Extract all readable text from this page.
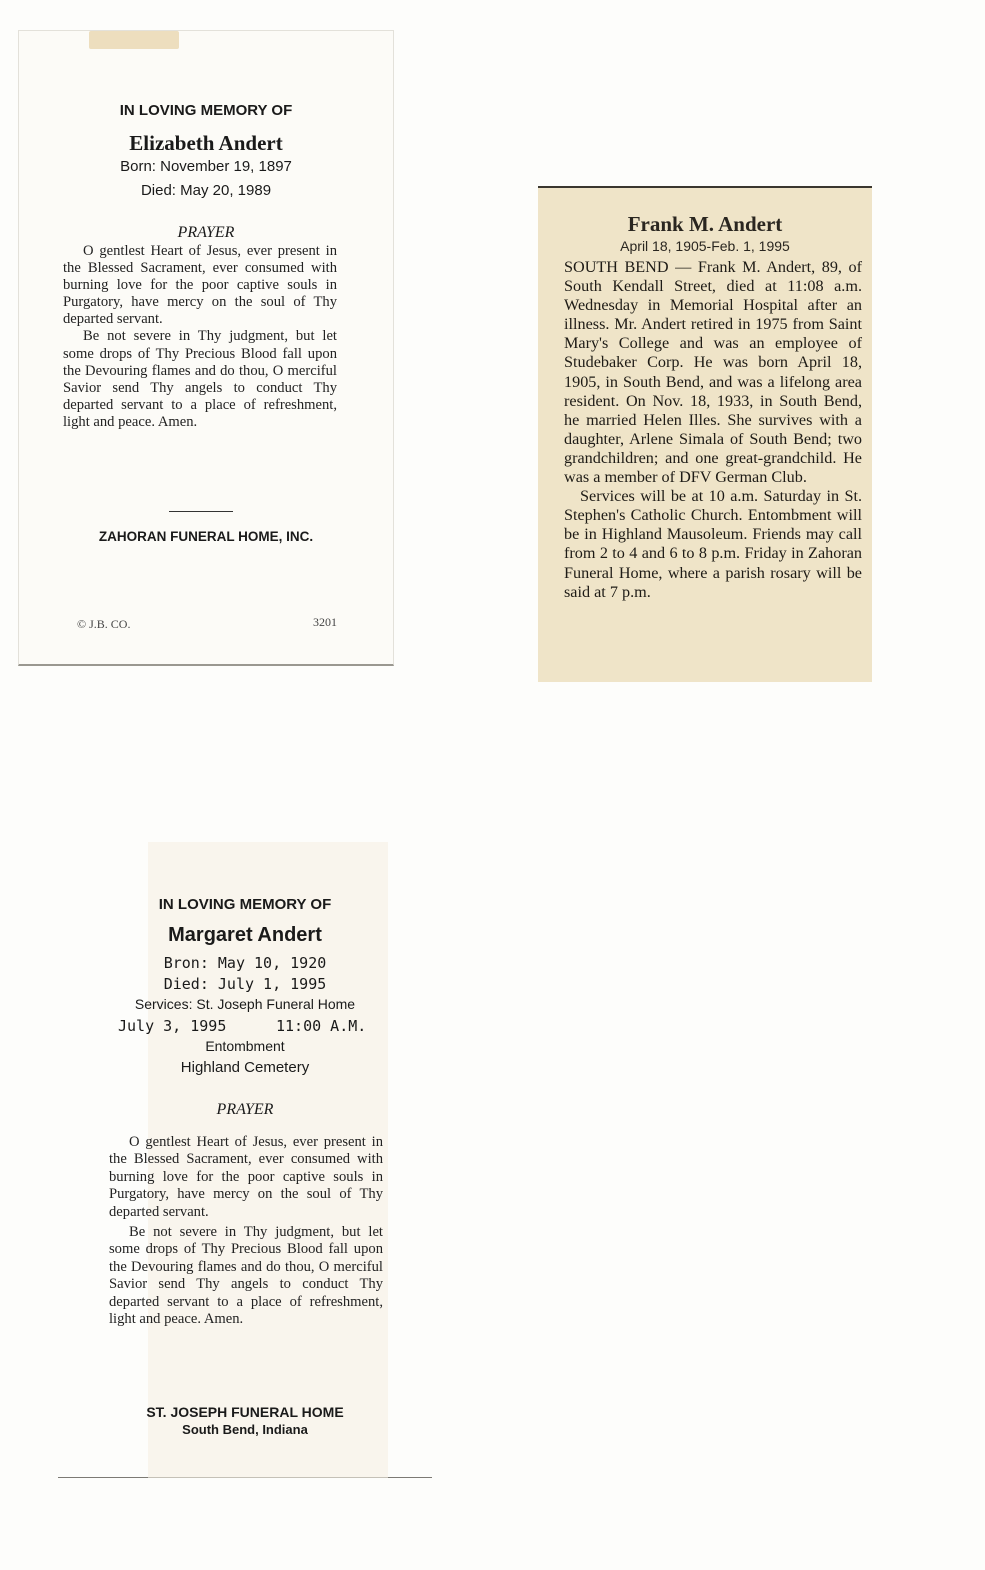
IN LOVING MEMORY OF
Elizabeth Andert
Born: November 19, 1897
Died: May 20, 1989
PRAYER

O gentlest Heart of Jesus, ever present in the Blessed Sacrament, ever consumed with burning love for the poor captive souls in Purgatory, have mercy on the soul of Thy departed servant.

Be not severe in Thy judgment, but let some drops of Thy Precious Blood fall upon the Devouring flames and do thou, O merciful Savior send Thy angels to conduct Thy departed servant to a place of refreshment, light and peace. Amen.

ZAHORAN FUNERAL HOME, INC.
© J.B. CO.	3201
Frank M. Andert
April 18, 1905-Feb. 1, 1995

SOUTH BEND — Frank M. Andert, 89, of South Kendall Street, died at 11:08 a.m. Wednesday in Memorial Hospital after an illness. Mr. Andert retired in 1975 from Saint Mary's College and was an employee of Studebaker Corp. He was born April 18, 1905, in South Bend, and was a lifelong area resident. On Nov. 18, 1933, in South Bend, he married Helen Illes. She survives with a daughter, Arlene Simala of South Bend; two grandchildren; and one great-grandchild. He was a member of DFV German Club.

Services will be at 10 a.m. Saturday in St. Stephen's Catholic Church. Entombment will be in Highland Mausoleum. Friends may call from 2 to 4 and 6 to 8 p.m. Friday in Zahoran Funeral Home, where a parish rosary will be said at 7 p.m.

IN LOVING MEMORY OF
Margaret Andert
Bron: May 10, 1920
Died: July 1, 1995
Services: St. Joseph Funeral Home
July 3, 1995	11:00 A.M.
Entombment
Highland Cemetery
PRAYER

O gentlest Heart of Jesus, ever present in the Blessed Sacrament, ever consumed with burning love for the poor captive souls in Purgatory, have mercy on the soul of Thy departed servant.

Be not severe in Thy judgment, but let some drops of Thy Precious Blood fall upon the Devouring flames and do thou, O merciful Savior send Thy angels to conduct Thy departed servant to a place of refreshment, light and peace. Amen.

ST. JOSEPH FUNERAL HOME
South Bend, Indiana
